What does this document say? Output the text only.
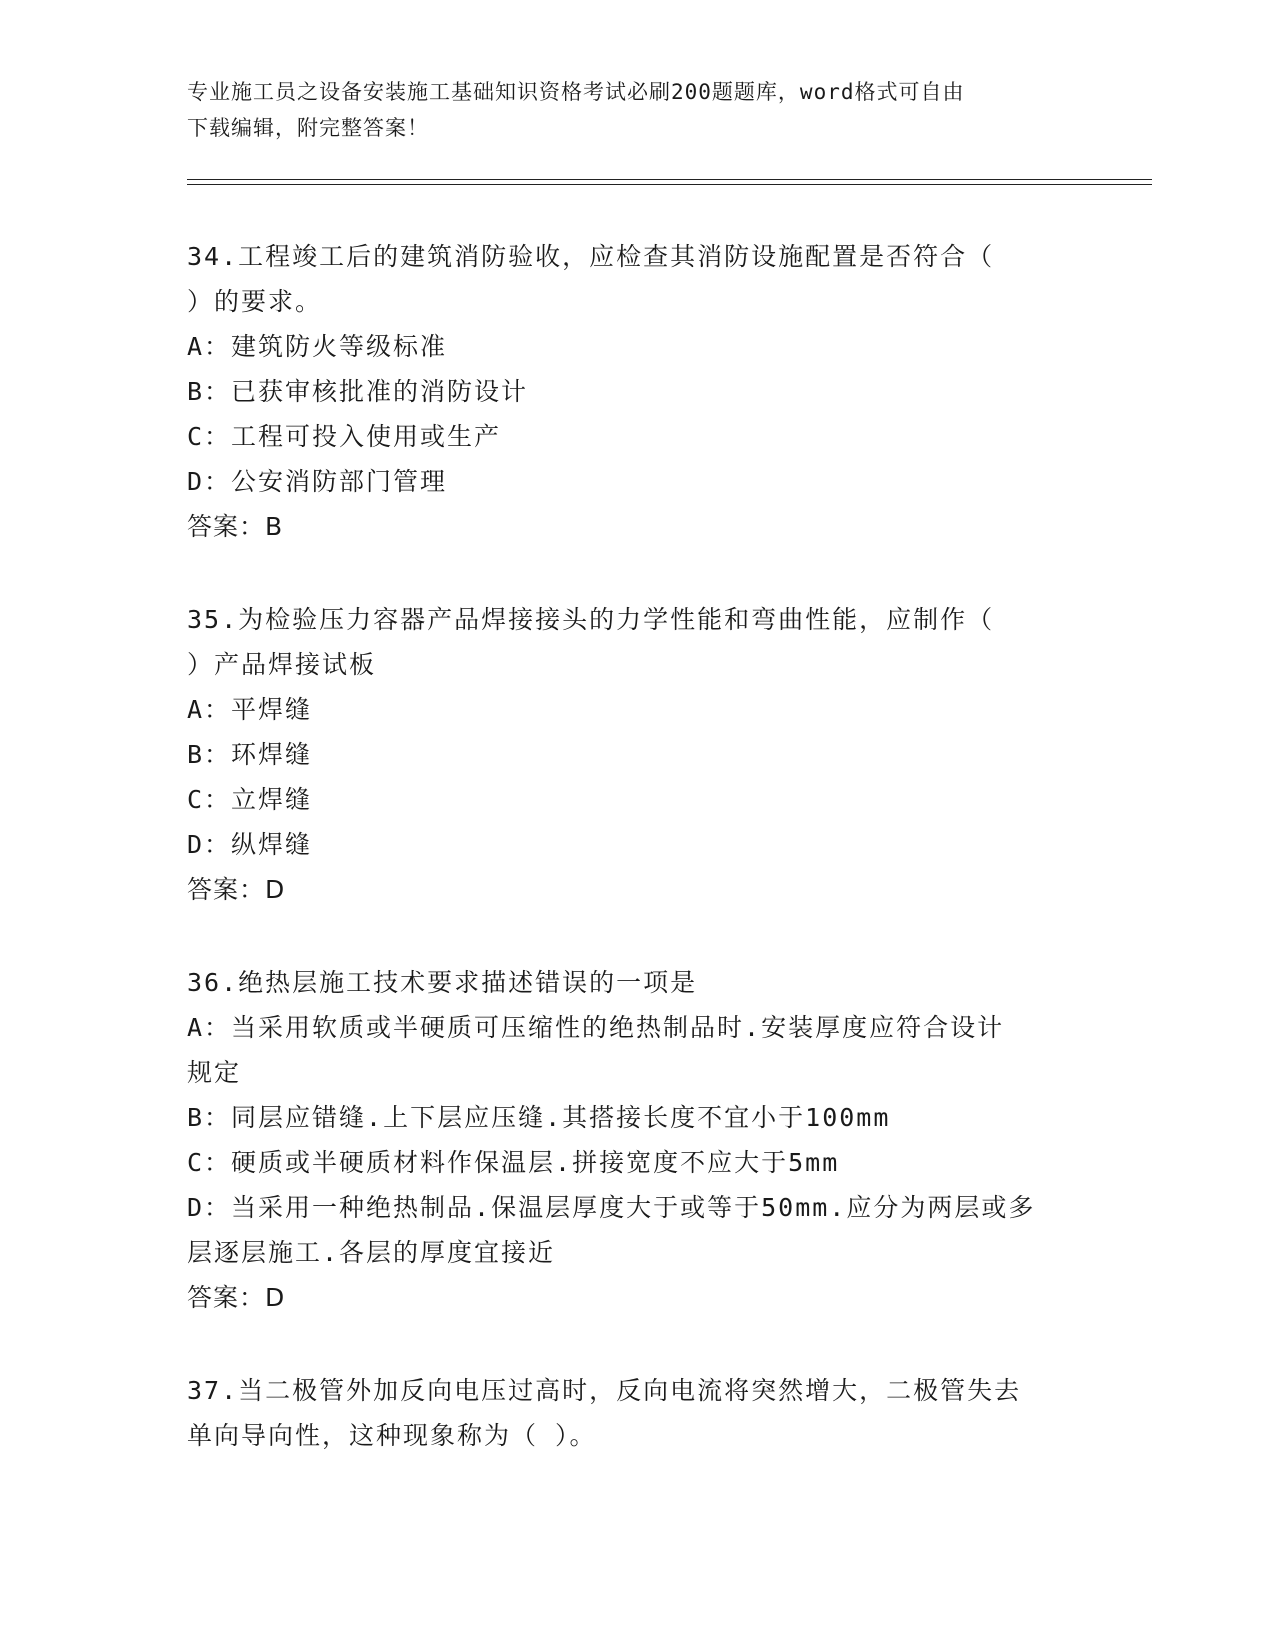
专业施工员之设备安装施工基础知识资格考试必刷200题题库，word格式可自由
下载编辑，附完整答案！
34.工程竣工后的建筑消防验收，应检查其消防设施配置是否符合（
）的要求。
A：建筑防火等级标准
B：已获审核批准的消防设计
C：工程可投入使用或生产
D：公安消防部门管理
答案：B
35.为检验压力容器产品焊接接头的力学性能和弯曲性能，应制作（
）产品焊接试板
A：平焊缝
B：环焊缝
C：立焊缝
D：纵焊缝
答案：D
36.绝热层施工技术要求描述错误的一项是
A：当采用软质或半硬质可压缩性的绝热制品时.安装厚度应符合设计
规定
B：同层应错缝.上下层应压缝.其搭接长度不宜小于100mm
C：硬质或半硬质材料作保温层.拼接宽度不应大于5mm
D：当采用一种绝热制品.保温层厚度大于或等于50mm.应分为两层或多
层逐层施工.各层的厚度宜接近
答案：D
37.当二极管外加反向电压过高时，反向电流将突然增大，二极管失去
单向导向性，这种现象称为（ ）。
